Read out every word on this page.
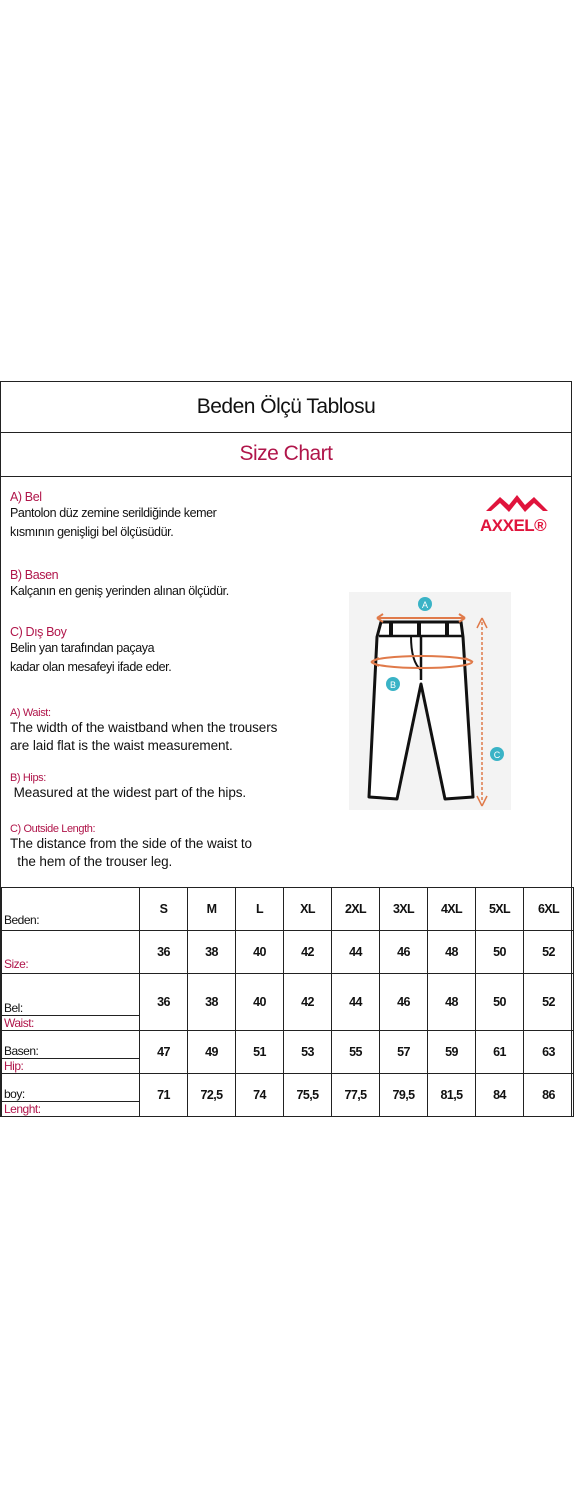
Beden Ölçü Tablosu
Size Chart
A) Bel
Pantolon düz zemine serildiğinde kemer
kısmının genişligi bel ölçüsüdür.
B) Basen
Kalçanın en geniş yerinden alınan ölçüdür.
C) Dış Boy
Belin yan tarafından paçaya
kadar olan mesafeyi ifade eder.
A) Waist:
The width of the waistband when the trousers
are laid flat is the waist measurement.
B) Hips:
Measured at the widest part of the hips.
C) Outside Length:
The distance from the side of the waist to
the hem of the trouser leg.
AXXEL®
A
B
C
Beden:	S	M	L	XL	2XL	3XL	4XL	5XL	6XL
Size:	36	38	40	42	44	46	48	50	52

Bel:
Waist:	36	38	40	42	44	46	48	50	52

Basen:
Hip:	47	49	51	53	55	57	59	61	63

boy:
Lenght:	71	72,5	74	75,5	77,5	79,5	81,5	84	86
